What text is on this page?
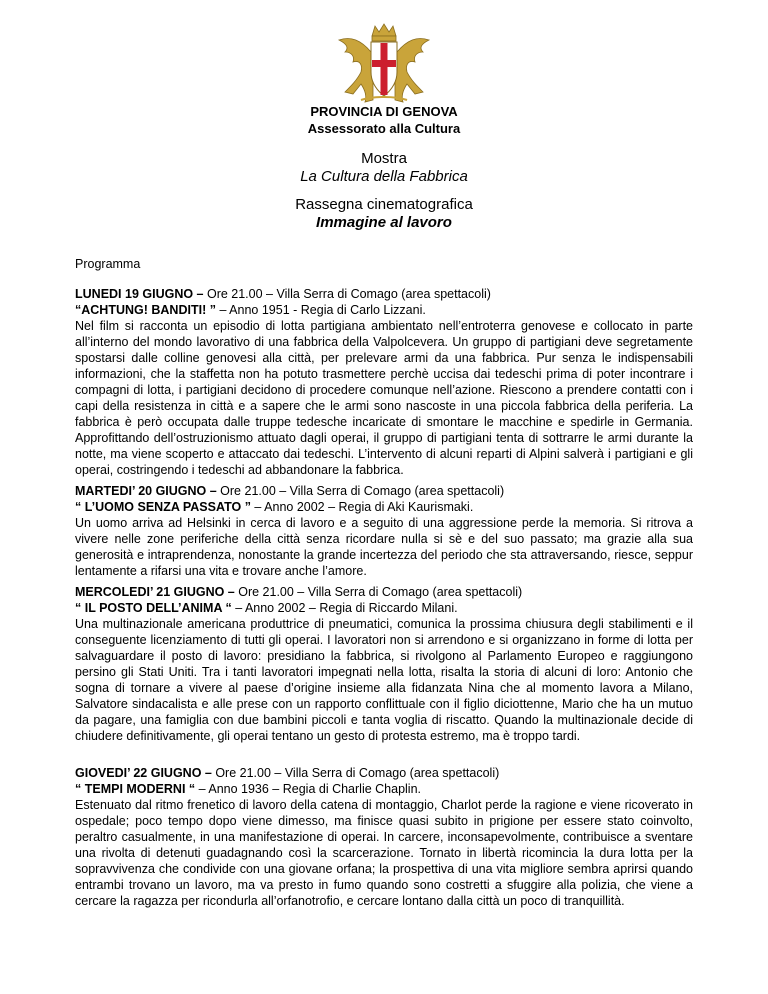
PROVINCIA DI GENOVA
Assessorato alla Cultura
Mostra
La Cultura della Fabbrica
Rassegna cinematografica
Immagine al lavoro
Programma

LUNEDI 19 GIUGNO – Ore 21.00 – Villa Serra di Comago (area spettacoli)

“ACHTUNG! BANDITI! ” – Anno 1951 - Regia di Carlo Lizzani.

Nel film si racconta un episodio di lotta partigiana ambientato nell’entroterra genovese e collocato in parte all’interno del mondo lavorativo di una fabbrica della Valpolcevera. Un gruppo di partigiani deve segretamente spostarsi dalle colline genovesi alla città, per prelevare armi da una fabbrica. Pur senza le indispensabili informazioni, che la staffetta non ha potuto trasmettere perchè uccisa dai tedeschi prima di poter incontrare i compagni di lotta, i partigiani decidono di procedere comunque nell’azione. Riescono a prendere contatti con i capi della resistenza in città e a sapere che le armi sono nascoste in una piccola fabbrica della periferia. La fabbrica è però occupata dalle truppe tedesche incaricate di smontare le macchine e spedirle in Germania. Approfittando dell’ostruzionismo attuato dagli operai, il gruppo di partigiani tenta di sottrarre le armi durante la notte, ma viene scoperto e attaccato dai tedeschi. L’intervento di alcuni reparti di Alpini salverà i partigiani e gli operai, costringendo i tedeschi ad abbandonare la fabbrica.

MARTEDI’ 20 GIUGNO – Ore 21.00 – Villa Serra di Comago (area spettacoli)

“ L’UOMO SENZA PASSATO ” – Anno 2002 – Regia di Aki Kaurismaki.

Un uomo arriva ad Helsinki in cerca di lavoro e a seguito di una aggressione perde la memoria. Si ritrova a vivere nelle zone periferiche della città senza ricordare nulla si sè e del suo passato; ma grazie alla sua generosità e intraprendenza, nonostante la grande incertezza del periodo che sta attraversando, riesce, seppur lentamente a rifarsi una vita e trovare anche l’amore.

MERCOLEDI’ 21 GIUGNO – Ore 21.00 – Villa Serra di Comago (area spettacoli)

“ IL POSTO DELL’ANIMA “ – Anno 2002 – Regia di Riccardo Milani.

Una multinazionale americana produttrice di pneumatici, comunica la prossima chiusura degli stabilimenti e il conseguente licenziamento di tutti gli operai. I lavoratori non si arrendono e si organizzano in forme di lotta per salvaguardare il posto di lavoro: presidiano la fabbrica, si rivolgono al Parlamento Europeo e raggiungono persino gli Stati Uniti. Tra i tanti lavoratori impegnati nella lotta, risalta la storia di alcuni di loro: Antonio che sogna di tornare a vivere al paese d’origine insieme alla fidanzata Nina che al momento lavora a Milano, Salvatore sindacalista e alle prese con un rapporto conflittuale con il figlio diciottenne, Mario che ha un mutuo da pagare, una famiglia con due bambini piccoli e tanta voglia di riscatto. Quando la multinazionale decide di chiudere definitivamente, gli operai tentano un gesto di protesta estremo, ma è troppo tardi.

GIOVEDI’ 22 GIUGNO – Ore 21.00 – Villa Serra di Comago (area spettacoli)

“ TEMPI MODERNI “ – Anno 1936 – Regia di Charlie Chaplin.

Estenuato dal ritmo frenetico di lavoro della catena di montaggio, Charlot perde la ragione e viene ricoverato in ospedale; poco tempo dopo viene dimesso, ma finisce quasi subito in prigione per essere stato coinvolto, peraltro casualmente, in una manifestazione di operai. In carcere, inconsapevolmente, contribuisce a sventare una rivolta di detenuti guadagnando così la scarcerazione. Tornato in libertà ricomincia la dura lotta per la sopravvivenza che condivide con una giovane orfana; la prospettiva di una vita migliore sembra aprirsi quando entrambi trovano un lavoro, ma va presto in fumo quando sono costretti a sfuggire alla polizia, che viene a cercare la ragazza per ricondurla all’orfanotrofio, e cercare lontano dalla città un poco di tranquillità.
